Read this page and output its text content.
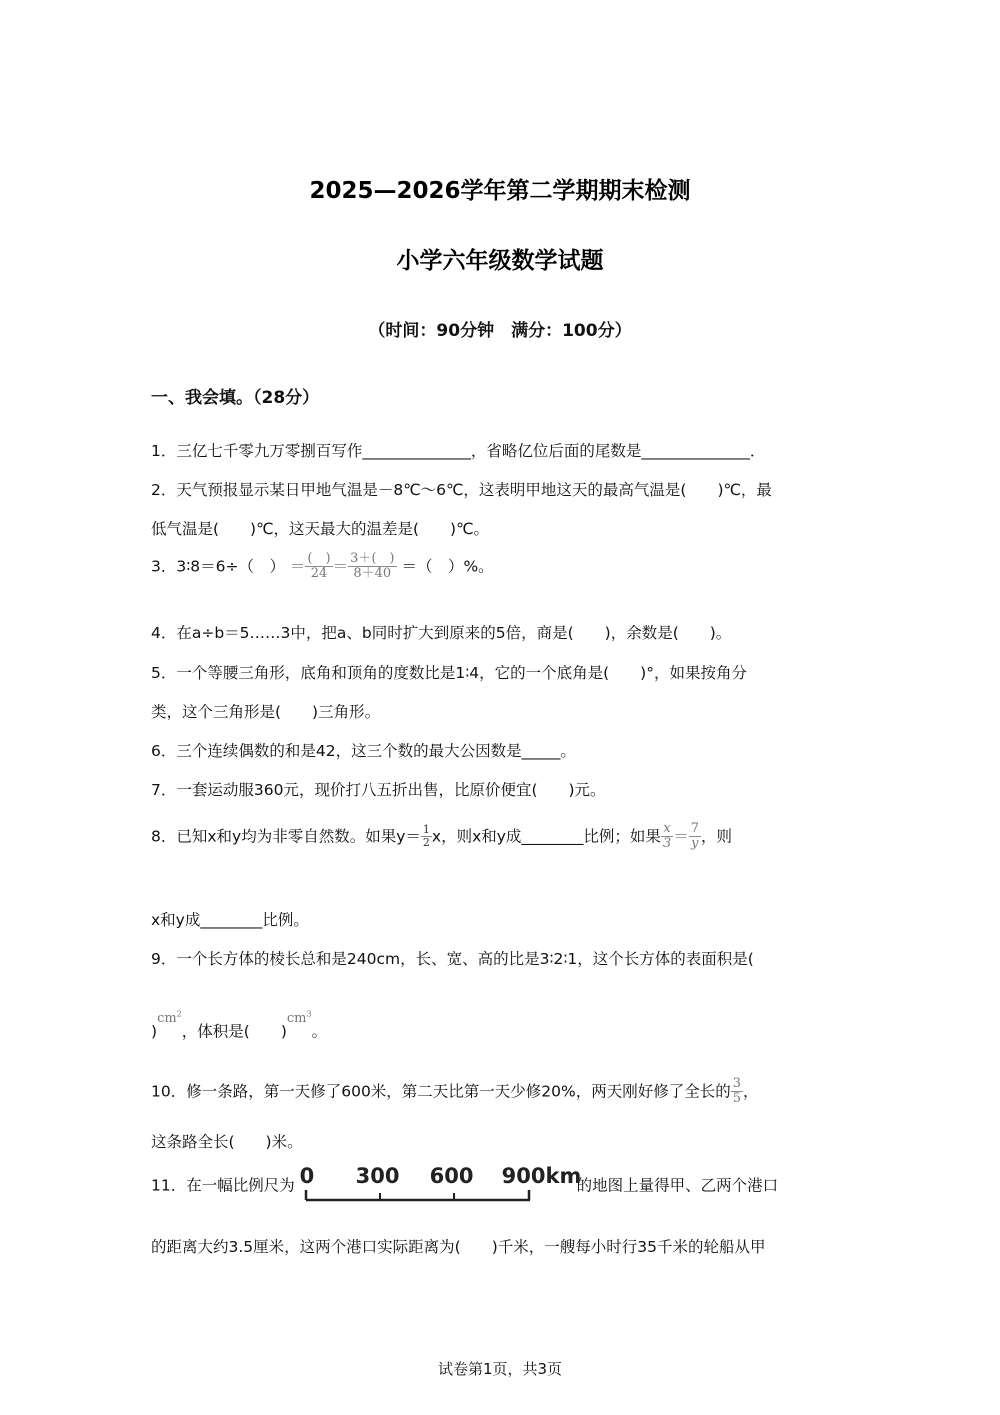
2025—2026学年第二学期期末检测
小学六年级数学试题
（时间：90分钟　满分：100分）
一、我会填。（28分）
1．三亿七千零九万零捌百写作______________，省略亿位后面的尾数是______________．
2．天气预报显示某日甲地气温是－8℃～6℃，这表明甲地这天的最高气温是(　　)℃，最
低气温是(　　)℃，这天最大的温差是(　　)℃。
3．3∶8＝6÷（　） ＝ $\frac{( )}{24} = \frac{3+( )}{8+40}$ ＝（　）%。
4．在a÷b＝5……3中，把a、b同时扩大到原来的5倍，商是(　　)，余数是(　　)。
5．一个等腰三角形，底角和顶角的度数比是1∶4，它的一个底角是(　　)°，如果按角分
类，这个三角形是(　　)三角形。
6．三个连续偶数的和是42，这三个数的最大公因数是_____。
7．一套运动服360元，现价打八五折出售，比原价便宜(　　)元。
8．已知x和y均为非零自然数。如果$y= \frac{1}{2}$ x，则x和y成________比例；如果 $\frac{x}{3} = \frac{7}{y}$ ，则
x和y成________比例。
9．一个长方体的棱长总和是240cm，长、宽、高的比是3∶2∶1，这个长方体的表面积是(
)$^{cm^2}$，体积是(　　)$^{cm^3}$。
10．修一条路，第一天修了600米，第二天比第一天少修20%，两天刚好修了全长的 $\frac{3}{5}$ ，
这条路全长(　　)米。
11．在一幅比例尺为 0 300 600 900km
的地图上量得甲、乙两个港口
的距离大约3.5厘米，这两个港口实际距离为(　　)千米，一艘每小时行35千米的轮船从甲
试卷第1页，共3页
